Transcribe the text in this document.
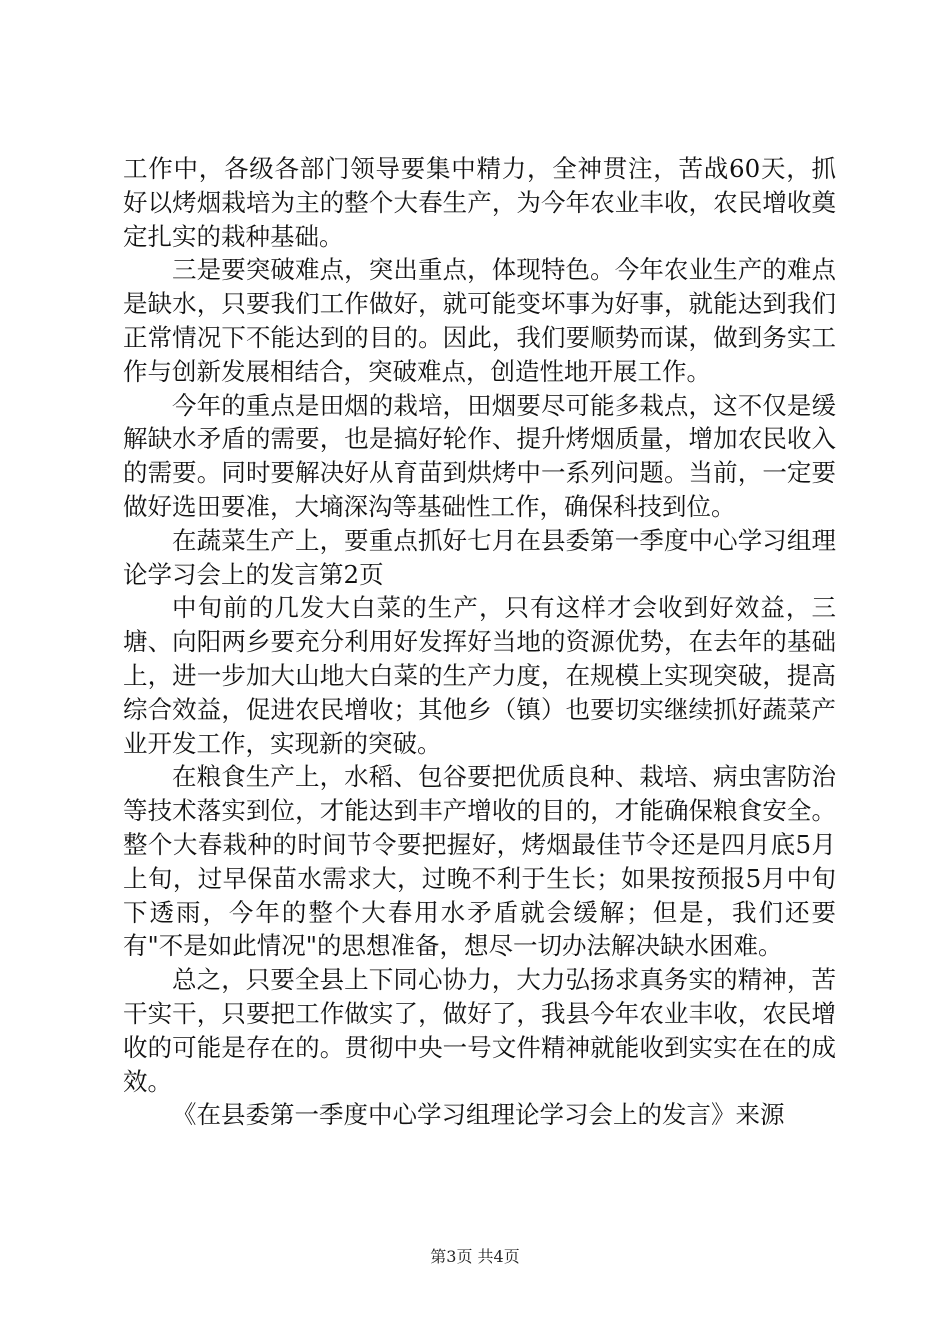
工作中，各级各部门领导要集中精力，全神贯注，苦战60天，抓好以烤烟栽培为主的整个大春生产，为今年农业丰收，农民增收奠定扎实的栽种基础。

三是要突破难点，突出重点，体现特色。今年农业生产的难点是缺水，只要我们工作做好，就可能变坏事为好事，就能达到我们正常情况下不能达到的目的。因此，我们要顺势而谋，做到务实工作与创新发展相结合，突破难点，创造性地开展工作。

今年的重点是田烟的栽培，田烟要尽可能多栽点，这不仅是缓解缺水矛盾的需要，也是搞好轮作、提升烤烟质量，增加农民收入的需要。同时要解决好从育苗到烘烤中一系列问题。当前，一定要做好选田要准，大墒深沟等基础性工作，确保科技到位。

在蔬菜生产上，要重点抓好七月在县委第一季度中心学习组理论学习会上的发言第2页

中旬前的几发大白菜的生产，只有这样才会收到好效益，三塘、向阳两乡要充分利用好发挥好当地的资源优势，在去年的基础上，进一步加大山地大白菜的生产力度，在规模上实现突破，提高综合效益，促进农民增收；其他乡（镇）也要切实继续抓好蔬菜产业开发工作，实现新的突破。

在粮食生产上，水稻、包谷要把优质良种、栽培、病虫害防治等技术落实到位，才能达到丰产增收的目的，才能确保粮食安全。整个大春栽种的时间节令要把握好，烤烟最佳节令还是四月底5月上旬，过早保苗水需求大，过晚不利于生长；如果按预报5月中旬下透雨，今年的整个大春用水矛盾就会缓解；但是，我们还要有"不是如此情况"的思想准备，想尽一切办法解决缺水困难。

总之，只要全县上下同心协力，大力弘扬求真务实的精神，苦干实干，只要把工作做实了，做好了，我县今年农业丰收，农民增收的可能是存在的。贯彻中央一号文件精神就能收到实实在在的成效。

《在县委第一季度中心学习组理论学习会上的发言》来源

第3页 共4页
